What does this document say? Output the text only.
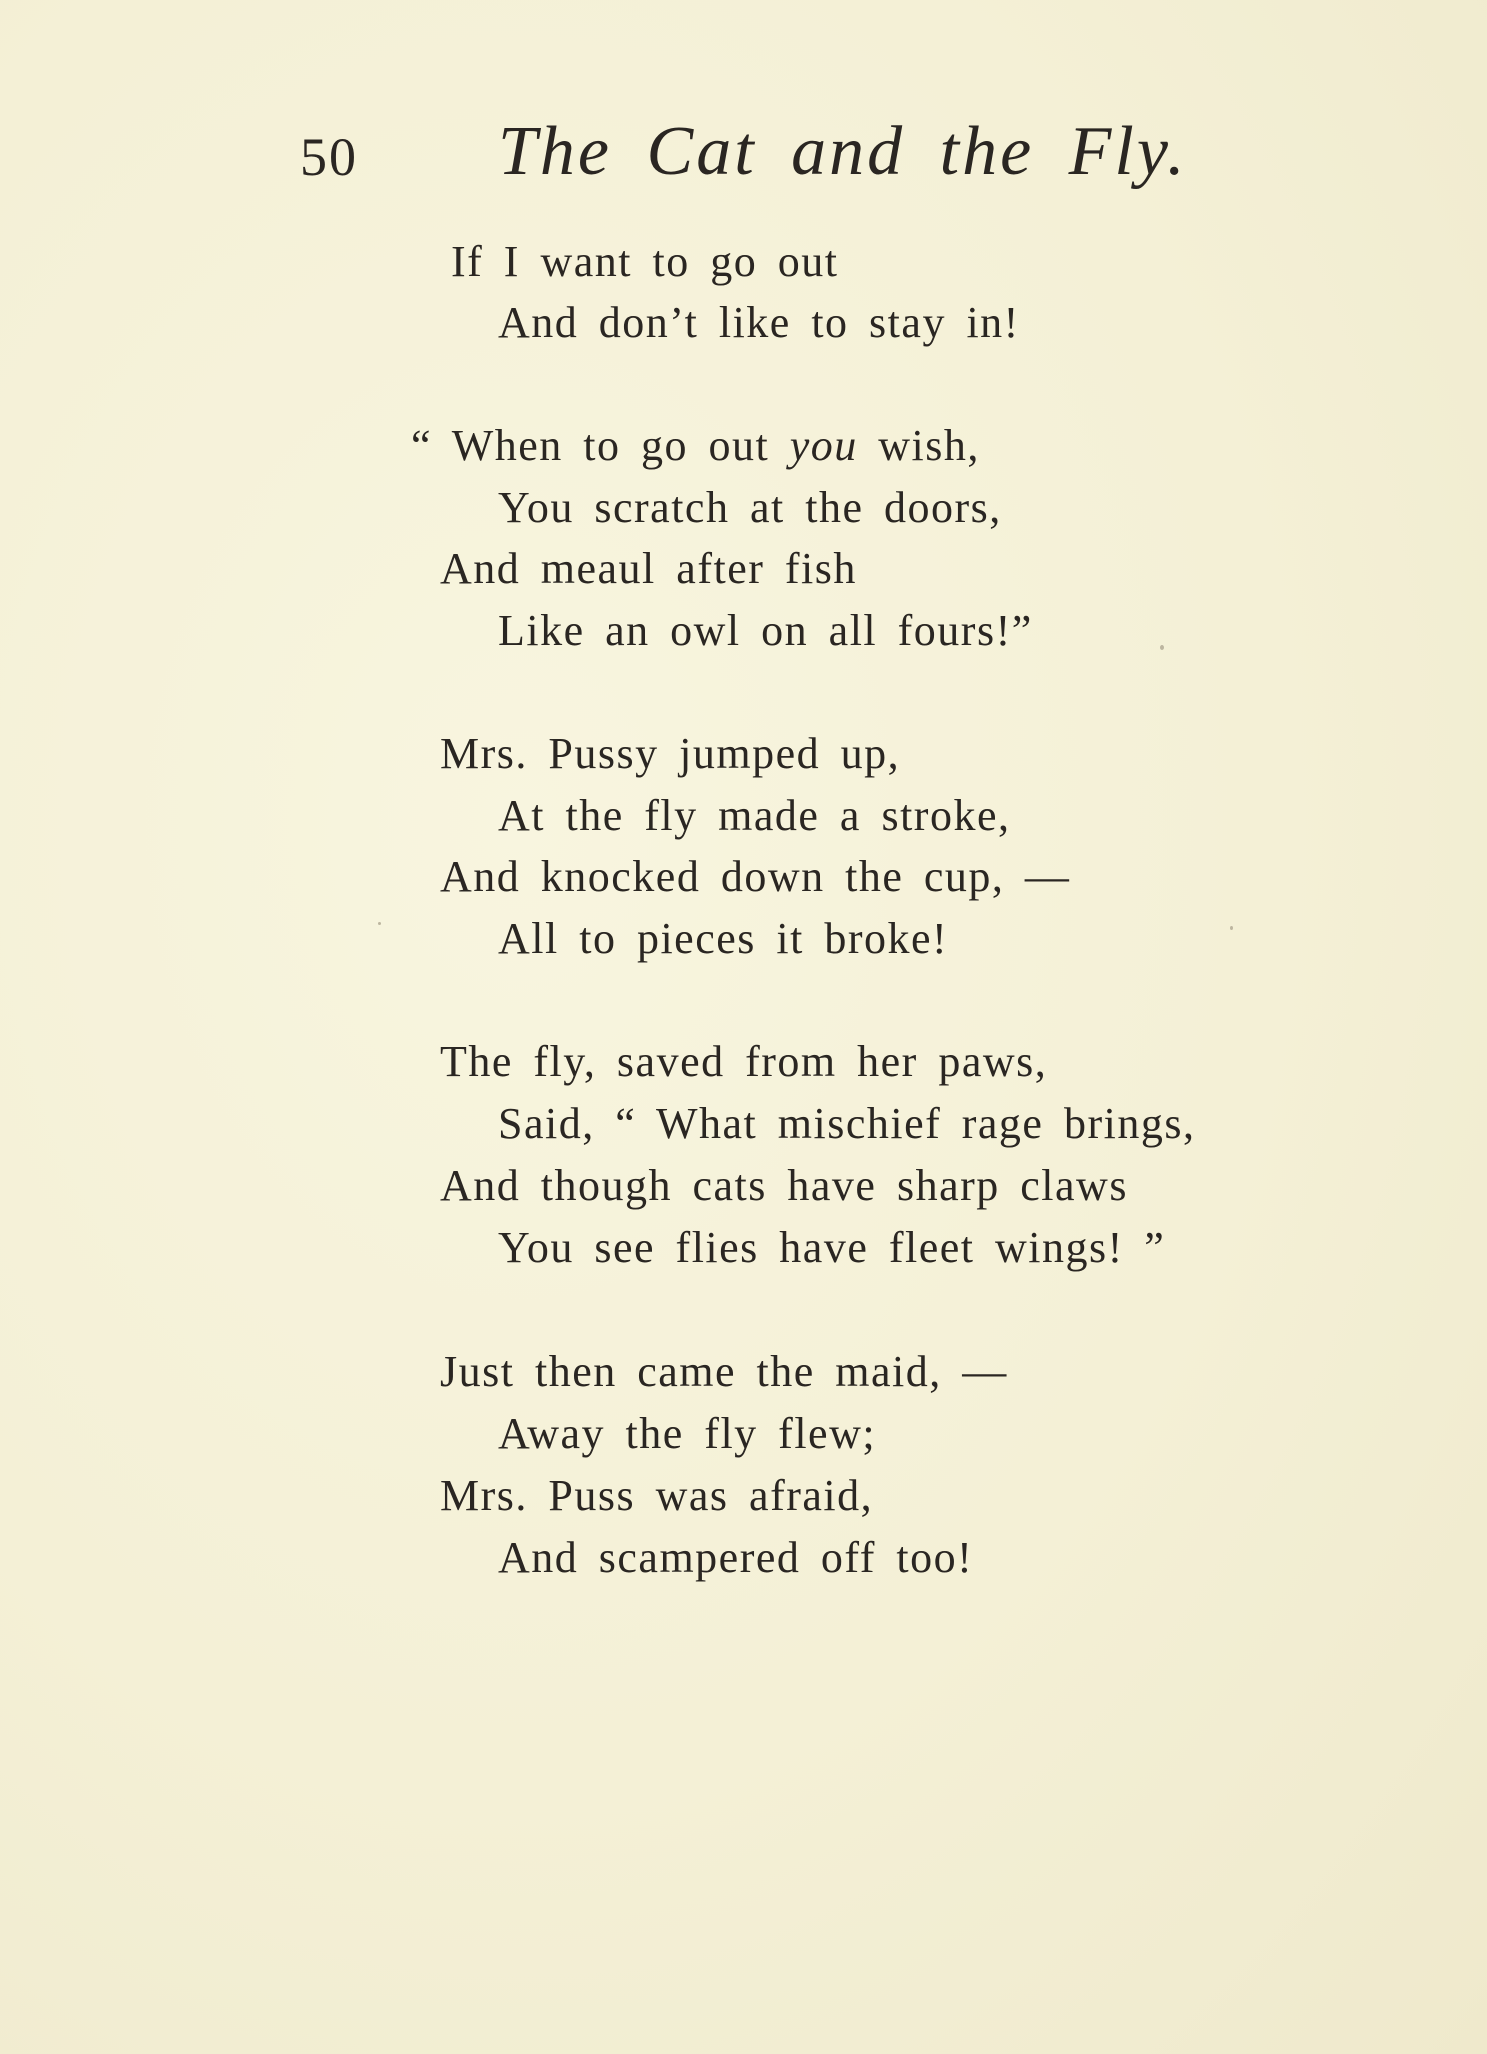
50 The Cat and the Fly.
If I want to go out
And don’t like to stay in!
“ When to go out you wish,
You scratch at the doors,
And meaul after fish
Like an owl on all fours!”
Mrs. Pussy jumped up,
At the fly made a stroke,
And knocked down the cup, —
All to pieces it broke!
The fly, saved from her paws,
Said, “ What mischief rage brings,
And though cats have sharp claws
You see flies have fleet wings! ”
Just then came the maid, —
Away the fly flew;
Mrs. Puss was afraid,
And scampered off too!
